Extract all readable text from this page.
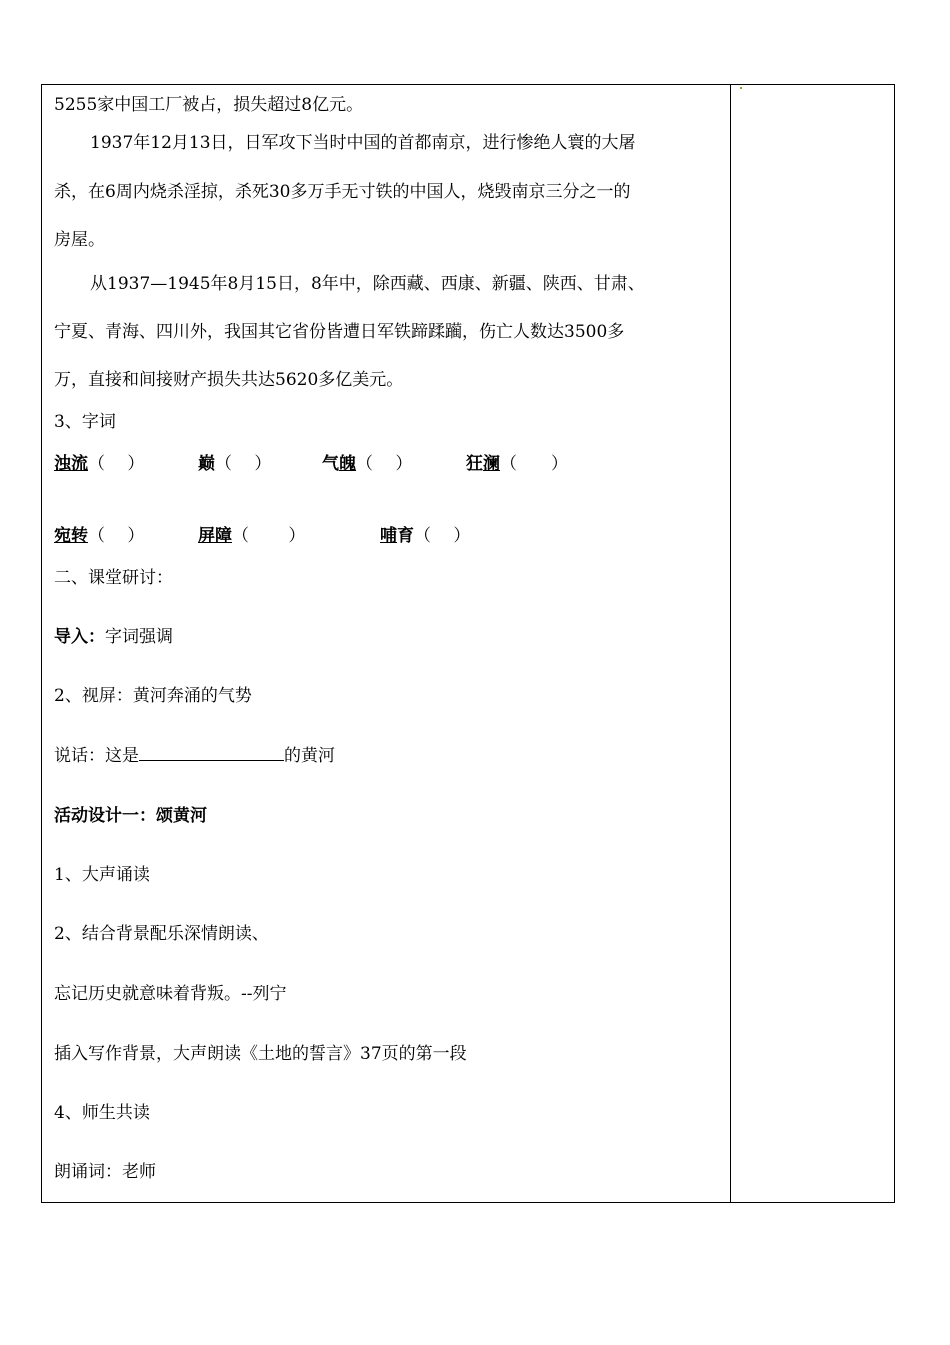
5255家中国工厂被占，损失超过8亿元。
1937年12月13日，日军攻下当时中国的首都南京，进行惨绝人寰的大屠
杀，在6周内烧杀淫掠，杀死30多万手无寸铁的中国人，烧毁南京三分之一的
房屋。
从1937—1945年8月15日，8年中，除西藏、西康、新疆、陕西、甘肃、
宁夏、青海、四川外，我国其它省份皆遭日军铁蹄蹂躏，伤亡人数达3500多
万，直接和间接财产损失共达5620多亿美元。
3、字词
浊流（　 ）	巅（　 ）	气魄（　 ）	狂澜（　　）
宛转（　 ）	屏障（　　 ）	哺育（　 ）
二、课堂研讨：
导入：字词强调
2、视屏：黄河奔涌的气势
说话：这是	的黄河
活动设计一：颂黄河
1、大声诵读
2、结合背景配乐深情朗读、
忘记历史就意味着背叛。--列宁
插入写作背景，大声朗读《土地的誓言》37页的第一段
4、师生共读
朗诵词：老师
